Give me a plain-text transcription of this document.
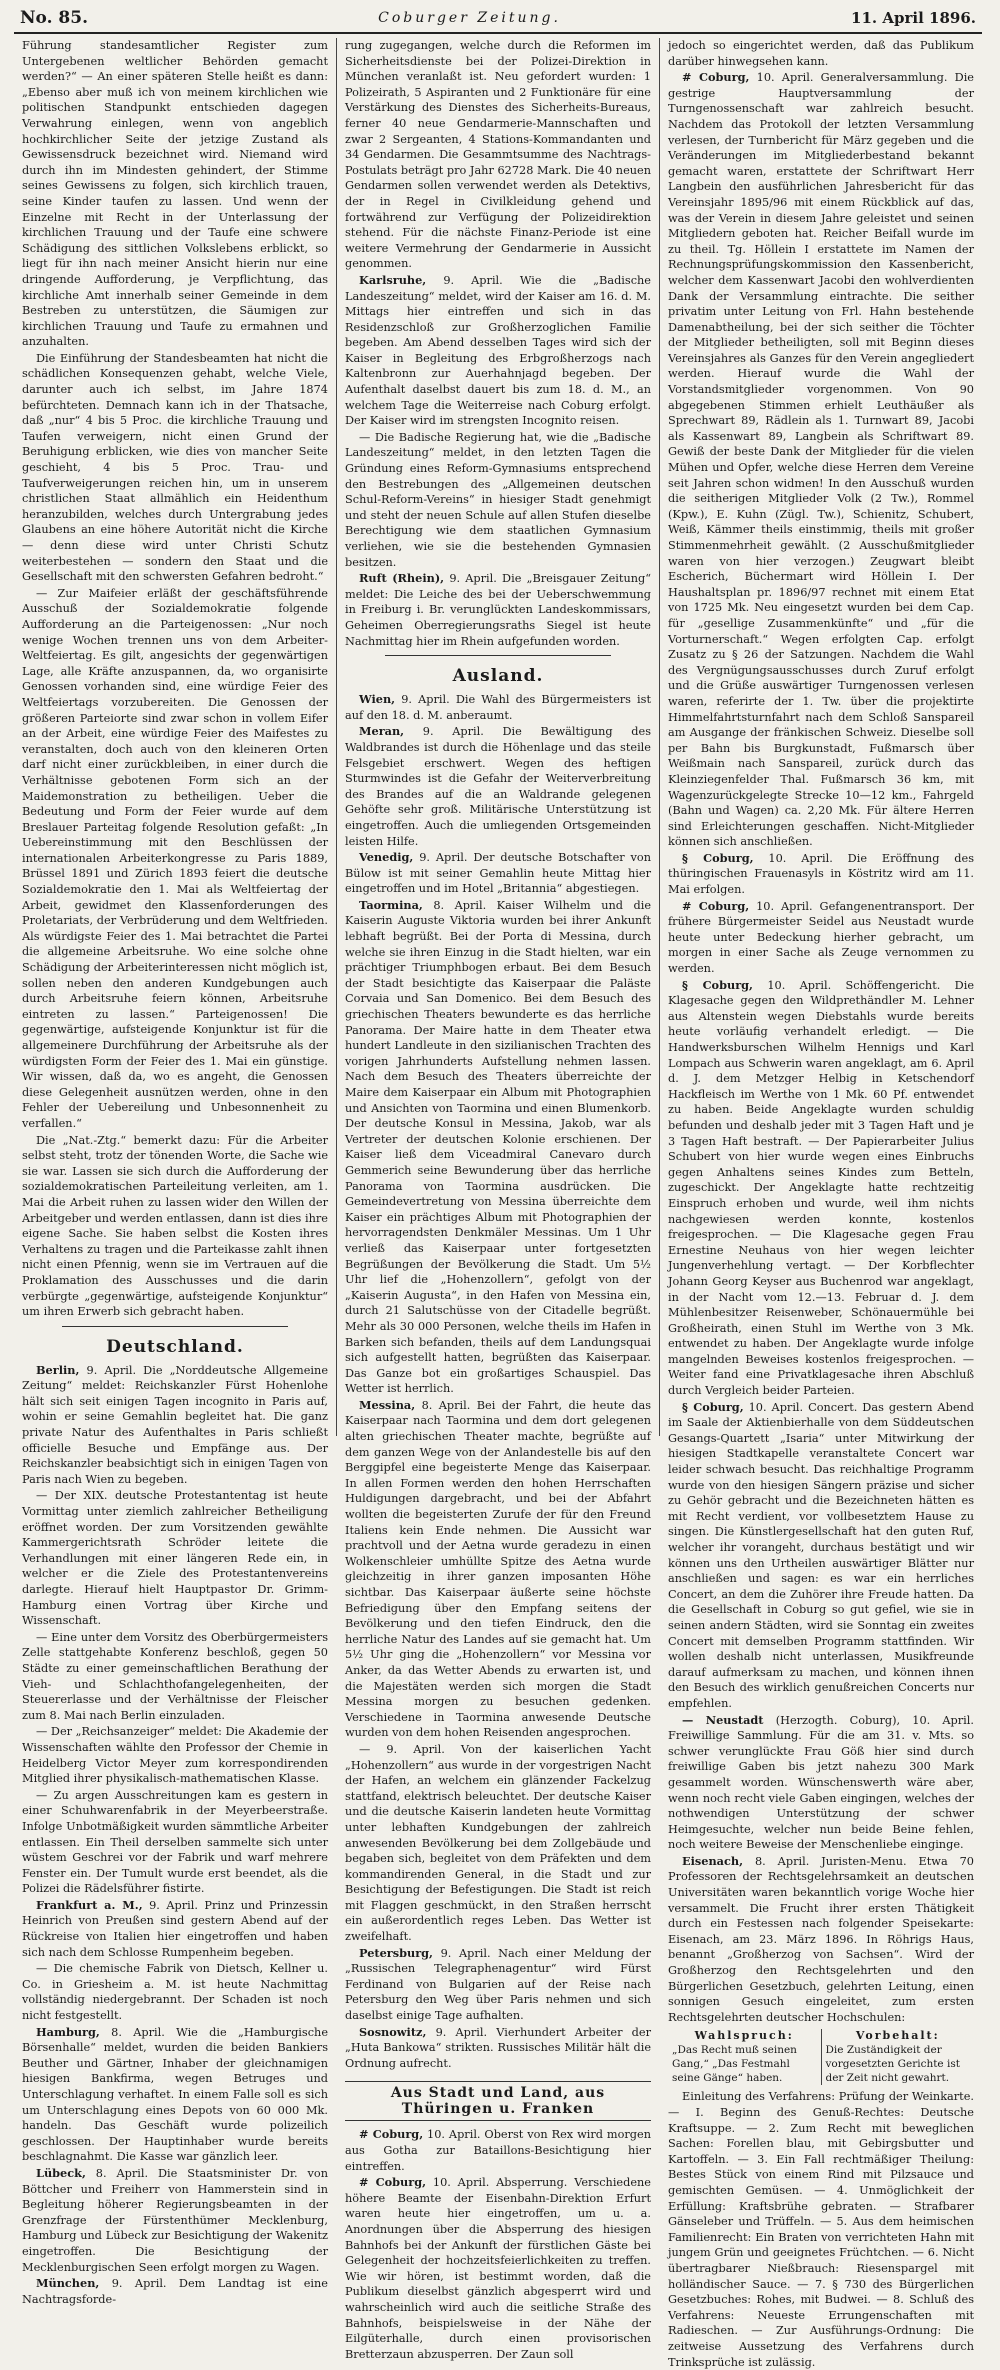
No. 85.	Coburger Zeitung.	11. April 1896.

Führung standesamtlicher Register zum Untergebenen weltlicher Behörden gemacht werden?“ — An einer späteren Stelle heißt es dann: „Ebenso aber muß ich von meinem kirchlichen wie politischen Standpunkt entschieden dagegen Verwahrung einlegen, wenn von angeblich hochkirchlicher Seite der jetzige Zustand als Gewissensdruck bezeichnet wird. Niemand wird durch ihn im Mindesten gehindert, der Stimme seines Gewissens zu folgen, sich kirchlich trauen, seine Kinder taufen zu lassen. Und wenn der Einzelne mit Recht in der Unterlassung der kirchlichen Trauung und der Taufe eine schwere Schädigung des sittlichen Volkslebens erblickt, so liegt für ihn nach meiner Ansicht hierin nur eine dringende Aufforderung, je Verpflichtung, das kirchliche Amt innerhalb seiner Gemeinde in dem Bestreben zu unterstützen, die Säumigen zur kirchlichen Trauung und Taufe zu ermahnen und anzuhalten.

Die Einführung der Standesbeamten hat nicht die schädlichen Konsequenzen gehabt, welche Viele, darunter auch ich selbst, im Jahre 1874 befürchteten. Demnach kann ich in der Thatsache, daß „nur“ 4 bis 5 Proc. die kirchliche Trauung und Taufen verweigern, nicht einen Grund der Beruhigung erblicken, wie dies von mancher Seite geschieht, 4 bis 5 Proc. Trau- und Taufverweigerungen reichen hin, um in unserem christlichen Staat allmählich ein Heidenthum heranzubilden, welches durch Untergrabung jedes Glaubens an eine höhere Autorität nicht die Kirche — denn diese wird unter Christi Schutz weiterbestehen — sondern den Staat und die Gesellschaft mit den schwersten Gefahren bedroht.“

— Zur Maifeier erläßt der geschäftsführende Ausschuß der Sozialdemokratie folgende Aufforderung an die Parteigenossen: „Nur noch wenige Wochen trennen uns von dem Arbeiter-Weltfeiertag. Es gilt, angesichts der gegenwärtigen Lage, alle Kräfte anzuspannen, da, wo organisirte Genossen vorhanden sind, eine würdige Feier des Weltfeiertags vorzubereiten. Die Genossen der größeren Parteiorte sind zwar schon in vollem Eifer an der Arbeit, eine würdige Feier des Maifestes zu veranstalten, doch auch von den kleineren Orten darf nicht einer zurückbleiben, in einer durch die Verhältnisse gebotenen Form sich an der Maidemonstration zu betheiligen. Ueber die Bedeutung und Form der Feier wurde auf dem Breslauer Parteitag folgende Resolution gefaßt: „In Uebereinstimmung mit den Beschlüssen der internationalen Arbeiterkongresse zu Paris 1889, Brüssel 1891 und Zürich 1893 feiert die deutsche Sozialdemokratie den 1. Mai als Weltfeiertag der Arbeit, gewidmet den Klassenforderungen des Proletariats, der Verbrüderung und dem Weltfrieden. Als würdigste Feier des 1. Mai betrachtet die Partei die allgemeine Arbeitsruhe. Wo eine solche ohne Schädigung der Arbeiterinteressen nicht möglich ist, sollen neben den anderen Kundgebungen auch durch Arbeitsruhe feiern können, Arbeitsruhe eintreten zu lassen.“ Parteigenossen! Die gegenwärtige, aufsteigende Konjunktur ist für die allgemeinere Durchführung der Arbeitsruhe als der würdigsten Form der Feier des 1. Mai ein günstige. Wir wissen, daß da, wo es angeht, die Genossen diese Gelegenheit ausnützen werden, ohne in den Fehler der Uebereilung und Unbesonnenheit zu verfallen.“

Die „Nat.-Ztg.“ bemerkt dazu: Für die Arbeiter selbst steht, trotz der tönenden Worte, die Sache wie sie war. Lassen sie sich durch die Aufforderung der sozialdemokratischen Parteileitung verleiten, am 1. Mai die Arbeit ruhen zu lassen wider den Willen der Arbeitgeber und werden entlassen, dann ist dies ihre eigene Sache. Sie haben selbst die Kosten ihres Verhaltens zu tragen und die Parteikasse zahlt ihnen nicht einen Pfennig, wenn sie im Vertrauen auf die Proklamation des Ausschusses und die darin verbürgte „gegenwärtige, aufsteigende Konjunktur“ um ihren Erwerb sich gebracht haben.

Deutschland.

Berlin, 9. April. Die „Norddeutsche Allgemeine Zeitung“ meldet: Reichskanzler Fürst Hohenlohe hält sich seit einigen Tagen incognito in Paris auf, wohin er seine Gemahlin begleitet hat. Die ganz private Natur des Aufenthaltes in Paris schließt officielle Besuche und Empfänge aus. Der Reichskanzler beabsichtigt sich in einigen Tagen von Paris nach Wien zu begeben.

— Der XIX. deutsche Protestantentag ist heute Vormittag unter ziemlich zahlreicher Betheiligung eröffnet worden. Der zum Vorsitzenden gewählte Kammergerichtsrath Schröder leitete die Verhandlungen mit einer längeren Rede ein, in welcher er die Ziele des Protestantenvereins darlegte. Hierauf hielt Hauptpastor Dr. Grimm-Hamburg einen Vortrag über Kirche und Wissenschaft.

— Eine unter dem Vorsitz des Oberbürgermeisters Zelle stattgehabte Konferenz beschloß, gegen 50 Städte zu einer gemeinschaftlichen Berathung der Vieh- und Schlachthofangelegenheiten, der Steuererlasse und der Verhältnisse der Fleischer zum 8. Mai nach Berlin einzuladen.

— Der „Reichsanzeiger“ meldet: Die Akademie der Wissenschaften wählte den Professor der Chemie in Heidelberg Victor Meyer zum korrespondirenden Mitglied ihrer physikalisch-mathematischen Klasse.

— Zu argen Ausschreitungen kam es gestern in einer Schuhwarenfabrik in der Meyerbeerstraße. Infolge Unbotmäßigkeit wurden sämmtliche Arbeiter entlassen. Ein Theil derselben sammelte sich unter wüstem Geschrei vor der Fabrik und warf mehrere Fenster ein. Der Tumult wurde erst beendet, als die Polizei die Rädelsführer fistirte.

Frankfurt a. M., 9. April. Prinz und Prinzessin Heinrich von Preußen sind gestern Abend auf der Rückreise von Italien hier eingetroffen und haben sich nach dem Schlosse Rumpenheim begeben.

— Die chemische Fabrik von Dietsch, Kellner u. Co. in Griesheim a. M. ist heute Nachmittag vollständig niedergebrannt. Der Schaden ist noch nicht festgestellt.

Hamburg, 8. April. Wie die „Hamburgische Börsenhalle“ meldet, wurden die beiden Bankiers Beuther und Gärtner, Inhaber der gleichnamigen hiesigen Bankfirma, wegen Betruges und Unterschlagung verhaftet. In einem Falle soll es sich um Unterschlagung eines Depots von 60 000 Mk. handeln. Das Geschäft wurde polizeilich geschlossen. Der Hauptinhaber wurde bereits beschlagnahmt. Die Kasse war gänzlich leer.

Lübeck, 8. April. Die Staatsminister Dr. von Böttcher und Freiherr von Hammerstein sind in Begleitung höherer Regierungsbeamten in der Grenzfrage der Fürstenthümer Mecklenburg, Hamburg und Lübeck zur Besichtigung der Wakenitz eingetroffen. Die Besichtigung der Mecklenburgischen Seen erfolgt morgen zu Wagen.

München, 9. April. Dem Landtag ist eine Nachtragsforde-

rung zugegangen, welche durch die Reformen im Sicherheitsdienste bei der Polizei-Direktion in München veranlaßt ist. Neu gefordert wurden: 1 Polizeirath, 5 Aspiranten und 2 Funktionäre für eine Verstärkung des Dienstes des Sicherheits-Bureaus, ferner 40 neue Gendarmerie-Mannschaften und zwar 2 Sergeanten, 4 Stations-Kommandanten und 34 Gendarmen. Die Gesammtsumme des Nachtrags-Postulats beträgt pro Jahr 62728 Mark. Die 40 neuen Gendarmen sollen verwendet werden als Detektivs, der in Regel in Civilkleidung gehend und fortwährend zur Verfügung der Polizeidirektion stehend. Für die nächste Finanz-Periode ist eine weitere Vermehrung der Gendarmerie in Aussicht genommen.

Karlsruhe, 9. April. Wie die „Badische Landeszeitung“ meldet, wird der Kaiser am 16. d. M. Mittags hier eintreffen und sich in das Residenzschloß zur Großherzoglichen Familie begeben. Am Abend desselben Tages wird sich der Kaiser in Begleitung des Erbgroßherzogs nach Kaltenbronn zur Auerhahnjagd begeben. Der Aufenthalt daselbst dauert bis zum 18. d. M., an welchem Tage die Weiterreise nach Coburg erfolgt. Der Kaiser wird im strengsten Incognito reisen.

— Die Badische Regierung hat, wie die „Badische Landeszeitung“ meldet, in den letzten Tagen die Gründung eines Reform-Gymnasiums entsprechend den Bestrebungen des „Allgemeinen deutschen Schul-Reform-Vereins“ in hiesiger Stadt genehmigt und steht der neuen Schule auf allen Stufen dieselbe Berechtigung wie dem staatlichen Gymnasium verliehen, wie sie die bestehenden Gymnasien besitzen.

Ruft (Rhein), 9. April. Die „Breisgauer Zeitung“ meldet: Die Leiche des bei der Ueberschwemmung in Freiburg i. Br. verunglückten Landeskommissars, Geheimen Oberregierungsraths Siegel ist heute Nachmittag hier im Rhein aufgefunden worden.

Ausland.

Wien, 9. April. Die Wahl des Bürgermeisters ist auf den 18. d. M. anberaumt.

Meran, 9. April. Die Bewältigung des Waldbrandes ist durch die Höhenlage und das steile Felsgebiet erschwert. Wegen des heftigen Sturmwindes ist die Gefahr der Weiterverbreitung des Brandes auf die an Waldrande gelegenen Gehöfte sehr groß. Militärische Unterstützung ist eingetroffen. Auch die umliegenden Ortsgemeinden leisten Hilfe.

Venedig, 9. April. Der deutsche Botschafter von Bülow ist mit seiner Gemahlin heute Mittag hier eingetroffen und im Hotel „Britannia“ abgestiegen.

Taormina, 8. April. Kaiser Wilhelm und die Kaiserin Auguste Viktoria wurden bei ihrer Ankunft lebhaft begrüßt. Bei der Porta di Messina, durch welche sie ihren Einzug in die Stadt hielten, war ein prächtiger Triumphbogen erbaut. Bei dem Besuch der Stadt besichtigte das Kaiserpaar die Paläste Corvaia und San Domenico. Bei dem Besuch des griechischen Theaters bewunderte es das herrliche Panorama. Der Maire hatte in dem Theater etwa hundert Landleute in den sizilianischen Trachten des vorigen Jahrhunderts Aufstellung nehmen lassen. Nach dem Besuch des Theaters überreichte der Maire dem Kaiserpaar ein Album mit Photographien und Ansichten von Taormina und einen Blumenkorb. Der deutsche Konsul in Messina, Jakob, war als Vertreter der deutschen Kolonie erschienen. Der Kaiser ließ dem Viceadmiral Canevaro durch Gemmerich seine Bewunderung über das herrliche Panorama von Taormina ausdrücken. Die Gemeindevertretung von Messina überreichte dem Kaiser ein prächtiges Album mit Photographien der hervorragendsten Denkmäler Messinas. Um 1 Uhr verließ das Kaiserpaar unter fortgesetzten Begrüßungen der Bevölkerung die Stadt. Um 5½ Uhr lief die „Hohenzollern“, gefolgt von der „Kaiserin Augusta“, in den Hafen von Messina ein, durch 21 Salutschüsse von der Citadelle begrüßt. Mehr als 30 000 Personen, welche theils im Hafen in Barken sich befanden, theils auf dem Landungsquai sich aufgestellt hatten, begrüßten das Kaiserpaar. Das Ganze bot ein großartiges Schauspiel. Das Wetter ist herrlich.

Messina, 8. April. Bei der Fahrt, die heute das Kaiserpaar nach Taormina und dem dort gelegenen alten griechischen Theater machte, begrüßte auf dem ganzen Wege von der Anlandestelle bis auf den Berggipfel eine begeisterte Menge das Kaiserpaar. In allen Formen werden den hohen Herrschaften Huldigungen dargebracht, und bei der Abfahrt wollten die begeisterten Zurufe der für den Freund Italiens kein Ende nehmen. Die Aussicht war prachtvoll und der Aetna wurde geradezu in einen Wolkenschleier umhüllte Spitze des Aetna wurde gleichzeitig in ihrer ganzen imposanten Höhe sichtbar. Das Kaiserpaar äußerte seine höchste Befriedigung über den Empfang seitens der Bevölkerung und den tiefen Eindruck, den die herrliche Natur des Landes auf sie gemacht hat. Um 5½ Uhr ging die „Hohenzollern“ vor Messina vor Anker, da das Wetter Abends zu erwarten ist, und die Majestäten werden sich morgen die Stadt Messina morgen zu besuchen gedenken. Verschiedene in Taormina anwesende Deutsche wurden von dem hohen Reisenden angesprochen.

— 9. April. Von der kaiserlichen Yacht „Hohenzollern“ aus wurde in der vorgestrigen Nacht der Hafen, an welchem ein glänzender Fackelzug stattfand, elektrisch beleuchtet. Der deutsche Kaiser und die deutsche Kaiserin landeten heute Vormittag unter lebhaften Kundgebungen der zahlreich anwesenden Bevölkerung bei dem Zollgebäude und begaben sich, begleitet von dem Präfekten und dem kommandirenden General, in die Stadt und zur Besichtigung der Befestigungen. Die Stadt ist reich mit Flaggen geschmückt, in den Straßen herrscht ein außerordentlich reges Leben. Das Wetter ist zweifelhaft.

Petersburg, 9. April. Nach einer Meldung der „Russischen Telegraphenagentur“ wird Fürst Ferdinand von Bulgarien auf der Reise nach Petersburg den Weg über Paris nehmen und sich daselbst einige Tage aufhalten.

Sosnowitz, 9. April. Vierhundert Arbeiter der „Huta Bankowa“ strikten. Russisches Militär hält die Ordnung aufrecht.

Aus Stadt und Land, aus Thüringen u. Franken

# Coburg, 10. April. Oberst von Rex wird morgen aus Gotha zur Bataillons-Besichtigung hier eintreffen.

# Coburg, 10. April. Absperrung. Verschiedene höhere Beamte der Eisenbahn-Direktion Erfurt waren heute hier eingetroffen, um u. a. Anordnungen über die Absperrung des hiesigen Bahnhofs bei der Ankunft der fürstlichen Gäste bei Gelegenheit der hochzeitsfeierlichkeiten zu treffen. Wie wir hören, ist bestimmt worden, daß die Publikum dieselbst gänzlich abgesperrt wird und wahrscheinlich wird auch die seitliche Straße des Bahnhofs, beispielsweise in der Nähe der Eilgüterhalle, durch einen provisorischen Bretterzaun abzusperren. Der Zaun soll

jedoch so eingerichtet werden, daß das Publikum darüber hinwegsehen kann.

# Coburg, 10. April. Generalversammlung. Die gestrige Hauptversammlung der Turngenossenschaft war zahlreich besucht. Nachdem das Protokoll der letzten Versammlung verlesen, der Turnbericht für März gegeben und die Veränderungen im Mitgliederbestand bekannt gemacht waren, erstattete der Schriftwart Herr Langbein den ausführlichen Jahresbericht für das Vereinsjahr 1895/96 mit einem Rückblick auf das, was der Verein in diesem Jahre geleistet und seinen Mitgliedern geboten hat. Reicher Beifall wurde im zu theil. Tg. Höllein I erstattete im Namen der Rechnungsprüfungskommission den Kassenbericht, welcher dem Kassenwart Jacobi den wohlverdienten Dank der Versammlung eintrachte. Die seither privatim unter Leitung von Frl. Hahn bestehende Damenabtheilung, bei der sich seither die Töchter der Mitglieder betheiligten, soll mit Beginn dieses Vereinsjahres als Ganzes für den Verein angegliedert werden. Hierauf wurde die Wahl der Vorstandsmitglieder vorgenommen. Von 90 abgegebenen Stimmen erhielt Leuthäußer als Sprechwart 89, Rädlein als 1. Turnwart 89, Jacobi als Kassenwart 89, Langbein als Schriftwart 89. Gewiß der beste Dank der Mitglieder für die vielen Mühen und Opfer, welche diese Herren dem Vereine seit Jahren schon widmen! In den Ausschuß wurden die seitherigen Mitglieder Volk (2 Tw.), Rommel (Kpw.), E. Kuhn (Zügl. Tw.), Schienitz, Schubert, Weiß, Kämmer theils einstimmig, theils mit großer Stimmenmehrheit gewählt. (2 Ausschußmitglieder waren von hier verzogen.) Zeugwart bleibt Escherich, Büchermart wird Höllein I. Der Haushaltsplan pr. 1896/97 rechnet mit einem Etat von 1725 Mk. Neu eingesetzt wurden bei dem Cap. für „gesellige Zusammenkünfte“ und „für die Vorturnerschaft.“ Wegen erfolgten Cap. erfolgt Zusatz zu § 26 der Satzungen. Nachdem die Wahl des Vergnügungsausschusses durch Zuruf erfolgt und die Grüße auswärtiger Turngenossen verlesen waren, referirte der 1. Tw. über die projektirte Himmelfahrtsturnfahrt nach dem Schloß Sanspareil am Ausgange der fränkischen Schweiz. Dieselbe soll per Bahn bis Burgkunstadt, Fußmarsch über Weißmain nach Sanspareil, zurück durch das Kleinziegenfelder Thal. Fußmarsch 36 km, mit Wagenzurückgelegte Strecke 10—12 km., Fahrgeld (Bahn und Wagen) ca. 2,20 Mk. Für ältere Herren sind Erleichterungen geschaffen. Nicht-Mitglieder können sich anschließen.

§ Coburg, 10. April. Die Eröffnung des thüringischen Frauenasyls in Köstritz wird am 11. Mai erfolgen.

# Coburg, 10. April. Gefangenentransport. Der frühere Bürgermeister Seidel aus Neustadt wurde heute unter Bedeckung hierher gebracht, um morgen in einer Sache als Zeuge vernommen zu werden.

§ Coburg, 10. April. Schöffengericht. Die Klagesache gegen den Wildprethändler M. Lehner aus Altenstein wegen Diebstahls wurde bereits heute vorläufig verhandelt erledigt. — Die Handwerksburschen Wilhelm Hennigs und Karl Lompach aus Schwerin waren angeklagt, am 6. April d. J. dem Metzger Helbig in Ketschendorf Hackfleisch im Werthe von 1 Mk. 60 Pf. entwendet zu haben. Beide Angeklagte wurden schuldig befunden und deshalb jeder mit 3 Tagen Haft und je 3 Tagen Haft bestraft. — Der Papierarbeiter Julius Schubert von hier wurde wegen eines Einbruchs gegen Anhaltens seines Kindes zum Betteln, zugeschickt. Der Angeklagte hatte rechtzeitig Einspruch erhoben und wurde, weil ihm nichts nachgewiesen werden konnte, kostenlos freigesprochen. — Die Klagesache gegen Frau Ernestine Neuhaus von hier wegen leichter Jungenverhehlung vertagt. — Der Korbflechter Johann Georg Keyser aus Buchenrod war angeklagt, in der Nacht vom 12.—13. Februar d. J. dem Mühlenbesitzer Reisenweber, Schönauermühle bei Großheirath, einen Stuhl im Werthe von 3 Mk. entwendet zu haben. Der Angeklagte wurde infolge mangelnden Beweises kostenlos freigesprochen. — Weiter fand eine Privatklagesache ihren Abschluß durch Vergleich beider Parteien.

§ Coburg, 10. April. Concert. Das gestern Abend im Saale der Aktienbierhalle von dem Süddeutschen Gesangs-Quartett „Isaria“ unter Mitwirkung der hiesigen Stadtkapelle veranstaltete Concert war leider schwach besucht. Das reichhaltige Programm wurde von den hiesigen Sängern präzise und sicher zu Gehör gebracht und die Bezeichneten hätten es mit Recht verdient, vor vollbesetztem Hause zu singen. Die Künstlergesellschaft hat den guten Ruf, welcher ihr vorangeht, durchaus bestätigt und wir können uns den Urtheilen auswärtiger Blätter nur anschließen und sagen: es war ein herrliches Concert, an dem die Zuhörer ihre Freude hatten. Da die Gesellschaft in Coburg so gut gefiel, wie sie in seinen andern Städten, wird sie Sonntag ein zweites Concert mit demselben Programm stattfinden. Wir wollen deshalb nicht unterlassen, Musikfreunde darauf aufmerksam zu machen, und können ihnen den Besuch des wirklich genußreichen Concerts nur empfehlen.

— Neustadt (Herzogth. Coburg), 10. April. Freiwillige Sammlung. Für die am 31. v. Mts. so schwer verunglückte Frau Göß hier sind durch freiwillige Gaben bis jetzt nahezu 300 Mark gesammelt worden. Wünschenswerth wäre aber, wenn noch recht viele Gaben eingingen, welches der nothwendigen Unterstützung der schwer Heimgesuchte, welcher nun beide Beine fehlen, noch weitere Beweise der Menschenliebe einginge.

Eisenach, 8. April. Juristen-Menu. Etwa 70 Professoren der Rechtsgelehrsamkeit an deutschen Universitäten waren bekanntlich vorige Woche hier versammelt. Die Frucht ihrer ersten Thätigkeit durch ein Festessen nach folgender Speisekarte: Eisenach, am 23. März 1896. In Röhrigs Haus, benannt „Großherzog von Sachsen“. Wird der Großherzog den Rechtsgelehrten und den Bürgerlichen Gesetzbuch, gelehrten Leitung, einen sonnigen Gesuch eingeleitet, zum ersten Rechtsgelehrten deutscher Hochschulen:

Wahlspruch:
„Das Recht muß seinen Gang,“ „Das Festmahl seine Gänge“ haben.
Vorbehalt:
Die Zuständigkeit der vorgesetzten Gerichte ist der Zeit nicht gewahrt.

Einleitung des Verfahrens: Prüfung der Weinkarte. — I. Beginn des Genuß-Rechtes: Deutsche Kraftsuppe. — 2. Zum Recht mit beweglichen Sachen: Forellen blau, mit Gebirgsbutter und Kartoffeln. — 3. Ein Fall rechtmäßiger Theilung: Bestes Stück von einem Rind mit Pilzsauce und gemischten Gemüsen. — 4. Unmöglichkeit der Erfüllung: Kraftsbrühe gebraten. — Strafbarer Gänseleber und Trüffeln. — 5. Aus dem heimischen Familienrecht: Ein Braten von verrichteten Hahn mit jungem Grün und geeignetes Früchtchen. — 6. Nicht übertragbarer Nießbrauch: Riesenspargel mit holländischer Sauce. — 7. § 730 des Bürgerlichen Gesetzbuches: Rohes, mit Budwei. — 8. Schluß des Verfahrens: Neueste Errungenschaften mit Radieschen. — Zur Ausführungs-Ordnung: Die zeitweise Aussetzung des Verfahrens durch Trinksprüche ist zulässig.
